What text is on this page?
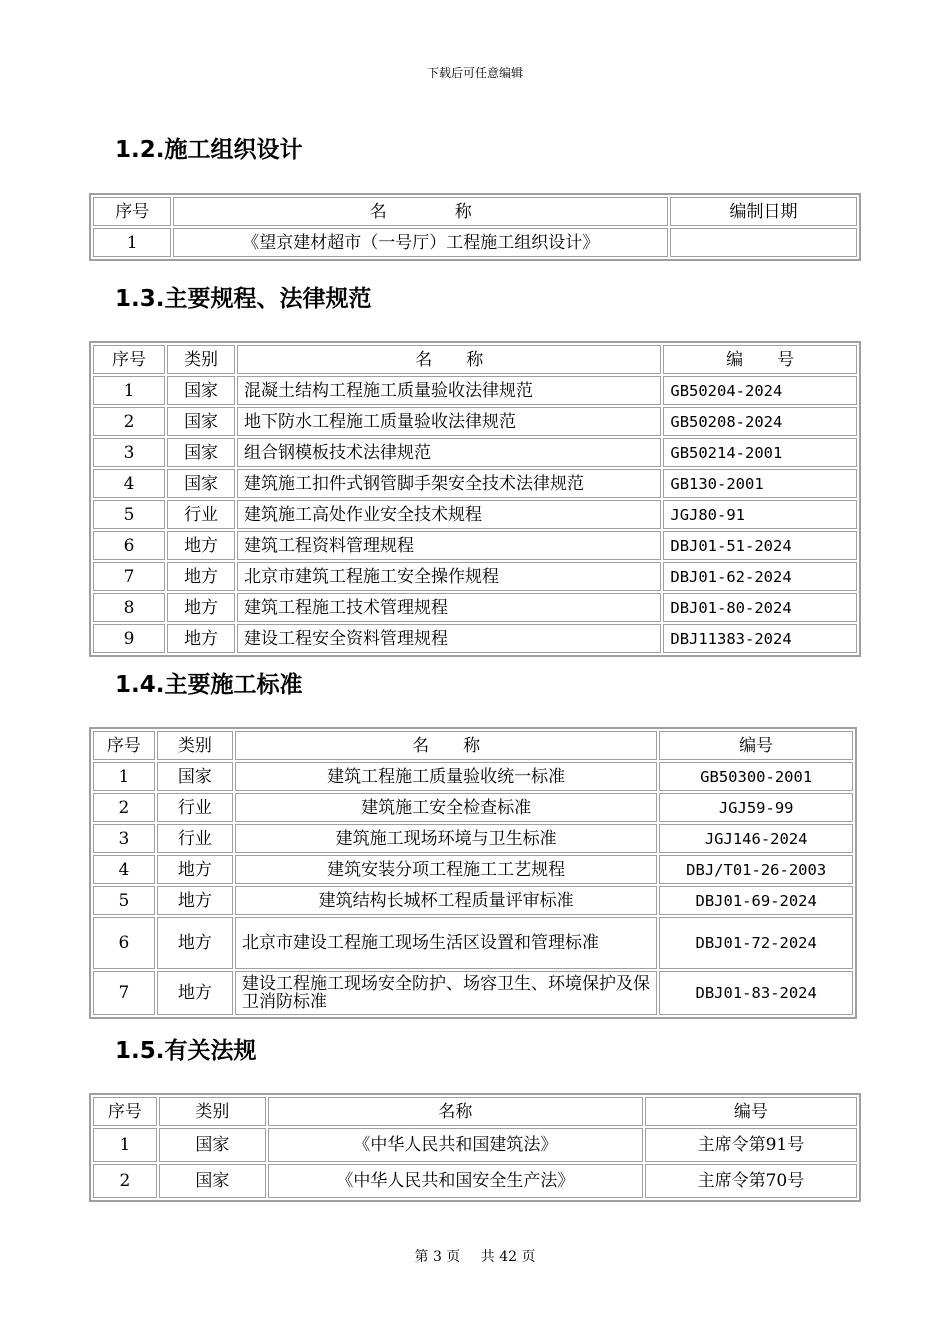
下载后可任意编辑
1.2.施工组织设计
序号	名　　　　称	编制日期
1	《望京建材超市（一号厅）工程施工组织设计》	
1.3.主要规程、法律规范
序号	类别	名　　称	编　　号
1	国家	混凝土结构工程施工质量验收法律规范	GB50204-2024
2	国家	地下防水工程施工质量验收法律规范	GB50208-2024
3	国家	组合钢模板技术法律规范	GB50214-2001
4	国家	建筑施工扣件式钢管脚手架安全技术法律规范	GB130-2001
5	行业	建筑施工高处作业安全技术规程	JGJ80-91
6	地方	建筑工程资料管理规程	DBJ01-51-2024
7	地方	北京市建筑工程施工安全操作规程	DBJ01-62-2024
8	地方	建筑工程施工技术管理规程	DBJ01-80-2024
9	地方	建设工程安全资料管理规程	DBJ11383-2024
1.4.主要施工标准
序号	类别	名　　称	编号
1	国家	建筑工程施工质量验收统一标准	GB50300-2001
2	行业	建筑施工安全检查标准	JGJ59-99
3	行业	建筑施工现场环境与卫生标准	JGJ146-2024
4	地方	建筑安装分项工程施工工艺规程	DBJ/T01-26-2003
5	地方	建筑结构长城杯工程质量评审标准	DBJ01-69-2024
6	地方	北京市建设工程施工现场生活区设置和管理标准	DBJ01-72-2024
7	地方	建设工程施工现场安全防护、场容卫生、环境保护及保卫消防标准	DBJ01-83-2024
1.5.有关法规
序号	类别	名称	编号
1	国家	《中华人民共和国建筑法》	主席令第91号
2	国家	《中华人民共和国安全生产法》	主席令第70号
第 3 页 共 42 页
